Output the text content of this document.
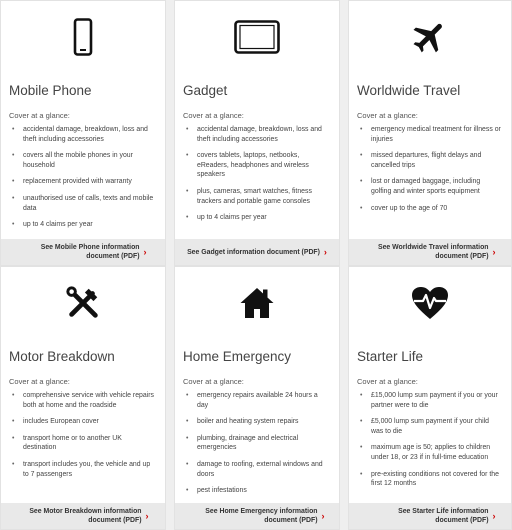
Mobile Phone
Cover at a glance:
• accidental damage, breakdown, loss and theft including accessories
• covers all the mobile phones in your household
• replacement provided with warranty
• unauthorised use of calls, texts and mobile data
• up to 4 claims per year
See Mobile Phone information document (PDF) ›
Gadget
Cover at a glance:
• accidental damage, breakdown, loss and theft including accessories
• covers tablets, laptops, netbooks, eReaders, headphones and wireless speakers
• plus, cameras, smart watches, fitness trackers and portable game consoles
• up to 4 claims per year
See Gadget information document (PDF) ›
Worldwide Travel
Cover at a glance:
• emergency medical treatment for illness or injuries
• missed departures, flight delays and cancelled trips
• lost or damaged baggage, including golfing and winter sports equipment
• cover up to the age of 70
See Worldwide Travel information document (PDF) ›
Motor Breakdown
Cover at a glance:
• comprehensive service with vehicle repairs both at home and the roadside
• includes European cover
• transport home or to another UK destination
• transport includes you, the vehicle and up to 7 passengers
See Motor Breakdown information document (PDF) ›
Home Emergency
Cover at a glance:
• emergency repairs available 24 hours a day
• boiler and heating system repairs
• plumbing, drainage and electrical emergencies
• damage to roofing, external windows and doors
• pest infestations
See Home Emergency information document (PDF) ›
Starter Life
Cover at a glance:
• £15,000 lump sum payment if you or your partner were to die
• £5,000 lump sum payment if your child was to die
• maximum age is 50; applies to children under 18, or 23 if in full-time education
• pre-existing conditions not covered for the first 12 months
See Starter Life information document (PDF) ›
